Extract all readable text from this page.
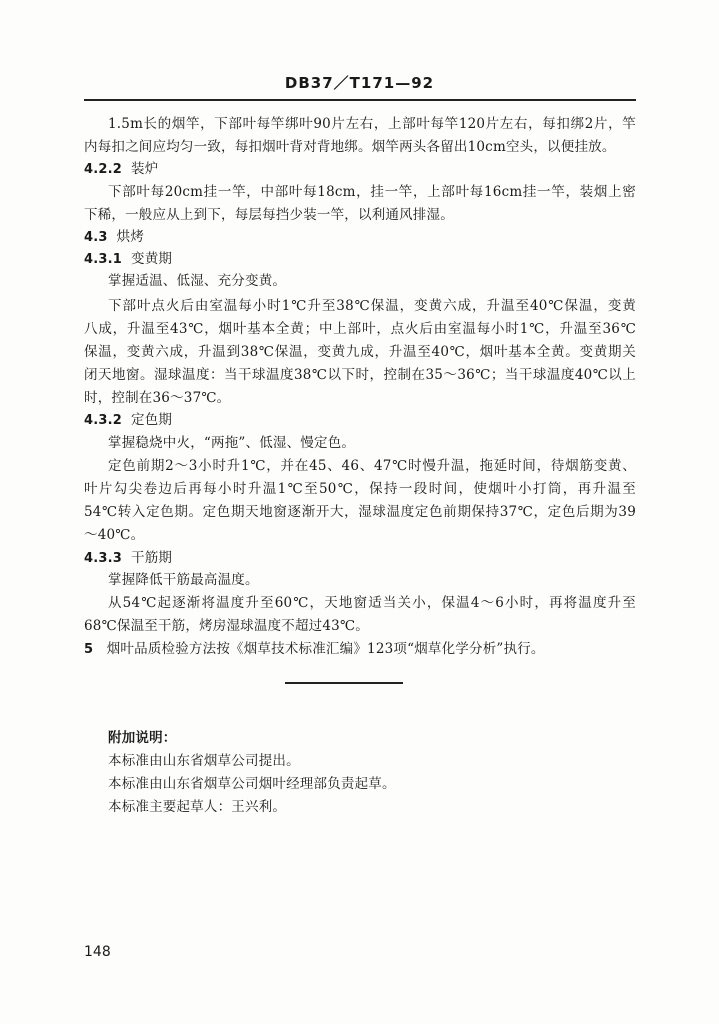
DB37／T171—92
1.5m长的烟竿，下部叶每竿绑叶90片左右，上部叶每竿120片左右，每扣绑2片，竿
内每扣之间应均匀一致，每扣烟叶背对背地绑。烟竿两头各留出10cm空头，以便挂放。
4.2.2 装炉
下部叶每20cm挂一竿，中部叶每18cm，挂一竿，上部叶每16cm挂一竿，装烟上密
下稀，一般应从上到下，每层每挡少装一竿，以利通风排湿。
4.3 烘烤
4.3.1 变黄期
掌握适温、低湿、充分变黄。
下部叶点火后由室温每小时1℃升至38℃保温，变黄六成，升温至40℃保温，变黄
八成，升温至43℃，烟叶基本全黄；中上部叶，点火后由室温每小时1℃，升温至36℃
保温，变黄六成，升温到38℃保温，变黄九成，升温至40℃，烟叶基本全黄。变黄期关
闭天地窗。湿球温度：当干球温度38℃以下时，控制在35～36℃；当干球温度40℃以上
时，控制在36～37℃。
4.3.2 定色期
掌握稳烧中火，“两拖”、低湿、慢定色。
定色前期2～3小时升1℃，并在45、46、47℃时慢升温，拖延时间，待烟筋变黄、
叶片勾尖卷边后再每小时升温1℃至50℃，保持一段时间，使烟叶小打筒，再升温至
54℃转入定色期。定色期天地窗逐渐开大，湿球温度定色前期保持37℃，定色后期为39
～40℃。
4.3.3 干筋期
掌握降低干筋最高温度。
从54℃起逐渐将温度升至60℃，天地窗适当关小，保温4～6小时，再将温度升至
68℃保温至干筋，烤房湿球温度不超过43℃。
5 烟叶品质检验方法按《烟草技术标准汇编》123项“烟草化学分析”执行。
附加说明：
本标准由山东省烟草公司提出。
本标准由山东省烟草公司烟叶经理部负责起草。
本标准主要起草人：王兴利。
148
